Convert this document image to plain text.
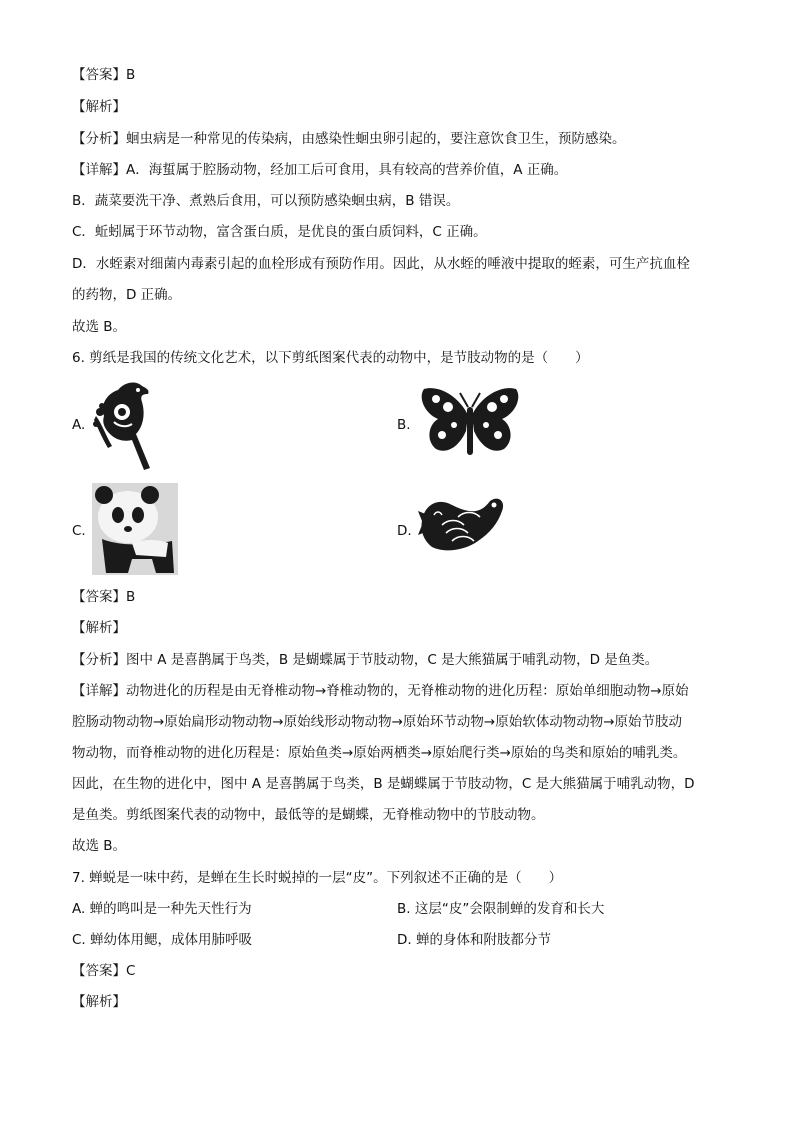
【答案】B
【解析】
【分析】蛔虫病是一种常见的传染病，由感染性蛔虫卵引起的，要注意饮食卫生，预防感染。
【详解】A．海蜇属于腔肠动物，经加工后可食用，具有较高的营养价值，A 正确。
B．蔬菜要洗干净、煮熟后食用，可以预防感染蛔虫病，B 错误。
C．蚯蚓属于环节动物，富含蛋白质，是优良的蛋白质饲料，C 正确。
D．水蛭素对细菌内毒素引起的血栓形成有预防作用。因此，从水蛭的唾液中提取的蛭素，可生产抗血栓
的药物，D 正确。
故选 B。
6. 剪纸是我国的传统文化艺术，以下剪纸图案代表的动物中，是节肢动物的是（　　）
A.	B.
C.	D.
【答案】B
【解析】
【分析】图中 A 是喜鹊属于鸟类，B 是蝴蝶属于节肢动物，C 是大熊猫属于哺乳动物，D 是鱼类。
【详解】动物进化的历程是由无脊椎动物→脊椎动物的，无脊椎动物的进化历程：原始单细胞动物→原始
腔肠动物动物→原始扁形动物动物→原始线形动物动物→原始环节动物→原始软体动物动物→原始节肢动
物动物，而脊椎动物的进化历程是：原始鱼类→原始两栖类→原始爬行类→原始的鸟类和原始的哺乳类。
因此，在生物的进化中，图中 A 是喜鹊属于鸟类，B 是蝴蝶属于节肢动物，C 是大熊猫属于哺乳动物，D
是鱼类。剪纸图案代表的动物中，最低等的是蝴蝶，无脊椎动物中的节肢动物。
故选 B。
7. 蝉蜕是一味中药，是蝉在生长时蜕掉的一层“皮”。下列叙述不正确的是（　　）
A. 蝉的鸣叫是一种先天性行为	B. 这层“皮”会限制蝉的发育和长大
C. 蝉幼体用鳃，成体用肺呼吸	D. 蝉的身体和附肢都分节
【答案】C
【解析】
